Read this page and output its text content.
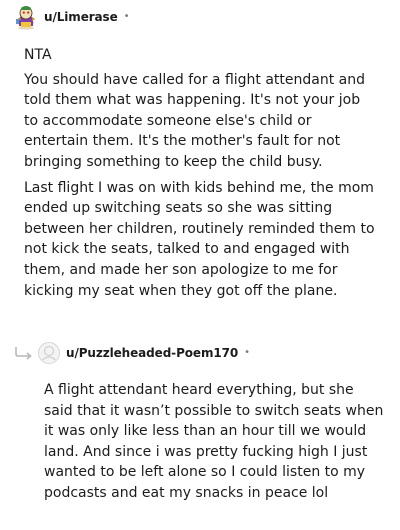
u/Limerase •

NTA

You should have called for a flight attendant and told them what was happening. It's not your job to accommodate someone else's child or entertain them. It's the mother's fault for not bringing something to keep the child busy.

Last flight I was on with kids behind me, the mom ended up switching seats so she was sitting between her children, routinely reminded them to not kick the seats, talked to and engaged with them, and made her son apologize to me for kicking my seat when they got off the plane.

u/Puzzleheaded-Poem170 •

A flight attendant heard everything, but she said that it wasn’t possible to switch seats when it was only like less than an hour till we would land. And since i was pretty fucking high I just wanted to be left alone so I could listen to my podcasts and eat my snacks in peace lol
